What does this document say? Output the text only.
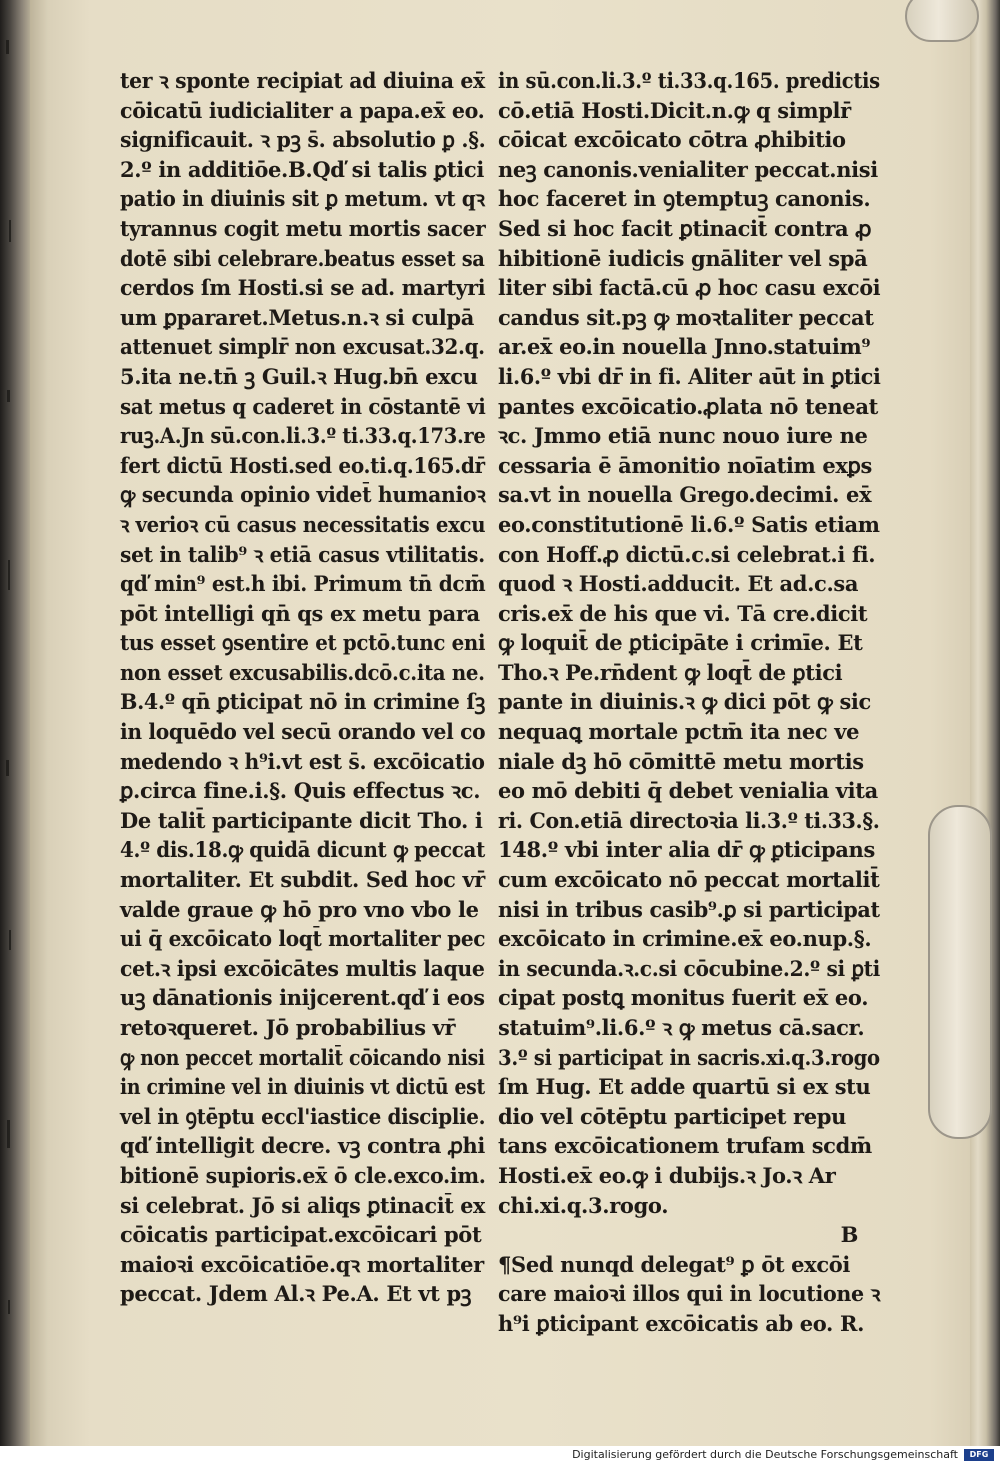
ter ꝛ sponte recipiat ad diuina ex̄
cōicatū iudicialiter a papa.ex̄ eo.
significauit. ꝛ pꝫ s̄. absolutio ꝑ .§.
2.º in additiōe.B.Qď si talis ꝑtici
patio in diuinis sit ꝑ metum. vt qꝛ
tyrannus cogit metu mortis sacer
dotē sibi celebrare.beatus esset sa
cerdos ſm Hosti.si se ad. martyri
um ꝑpararet.Metus.n.ꝛ si culpā
attenuet simplr̄ non excusat.32.q.
5.ita ne.tn̄ ꝫ Guil.ꝛ Hug.bn̄ excu
sat metus q caderet in cōstantē vi
ruꝫ.A.Jn sū.con.li.3.º ti.33.q.173.re
fert dictū Hosti.sed eo.ti.q.165.dr̄
ꝙ secunda opinio videt̄ humanioꝛ
ꝛ verioꝛ cū casus necessitatis excu
set in talib⁹ ꝛ etiā casus vtilitatis.
qď min⁹ est.h ibi. Primum tn̄ dcm̄
pōt intelligi qn̄ qs ex metu para
tus esset ꝯsentire et pctō.tunc eni
non esset excusabilis.dcō.c.ita ne.
B.4.º qn̄ ꝑticipat nō in crimine ſꝫ
in loquēdo vel secū orando vel co
medendo ꝛ h⁹i.vt est s̄. excōicatio
ꝑ.circa fine.i.§. Quis effectus ꝛc.
De talit̄ participante dicit Tho. i
4.º dis.18.ꝙ quidā dicunt ꝙ peccat
mortaliter. Et subdit. Sed hoc vr̄
valde graue ꝙ hō pro vno vbo le
ui q̄ excōicato loqt̄ mortaliter pec
cet.ꝛ ipsi excōicātes multis laque
uꝫ dānationis inijcerent.qď i eos
retoꝛqueret. Jō probabilius vr̄
ꝙ non peccet mortalit̄ cōicando nisi
in crimine vel in diuinis vt dictū est
vel in ꝯtēptu eccl'iastice disciplie.
qď intelligit decre. vꝫ contra ꝓhi
bitionē supioris.ex̄ ō cle.exco.im.
si celebrat. Jō si aliqs ꝑtinacit̄ ex
cōicatis participat.excōicari pōt
maioꝛi excōicatiōe.qꝛ mortaliter
peccat. Jdem Al.ꝛ Pe.A. Et vt pꝫ
in sū.con.li.3.º ti.33.q.165. predictis
cō.etiā Hosti.Dicit.n.ꝙ q simplr̄
cōicat excōicato cōtra ꝓhibitio
neꝫ canonis.venialiter peccat.nisi
hoc faceret in ꝯtemptuꝫ canonis.
Sed si hoc facit ꝑtinacit̄ contra ꝓ
hibitionē iudicis gnāliter vel spā
liter sibi factā.cū ꝓ hoc casu excōi
candus sit.pꝫ ꝙ moꝛtaliter peccat
ar.ex̄ eo.in nouella Jnno.statuim⁹
li.6.º vbi dr̄ in fi. Aliter aūt in ꝑtici
pantes excōicatio.ꝓlata nō teneat
ꝛc. Jmmo etiā nunc nouo iure ne
cessaria ē āmonitio noīatim exꝑs
sa.vt in nouella Grego.decimi. ex̄
eo.constitutionē li.6.º Satis etiam
con Hoff.ꝓ dictū.c.si celebrat.i fi.
quod ꝛ Hosti.adducit. Et ad.c.sa
cris.ex̄ de his que vi. Tā cre.dicit
ꝙ loquit̄ de ꝑticipāte i crimīe. Et
Tho.ꝛ Pe.rn̄dent ꝙ loqt̄ de ꝑtici
pante in diuinis.ꝛ ꝙ dici pōt ꝙ sic
nequaꝗ mortale pctm̄ ita nec ve
niale dꝫ hō cōmittē metu mortis
eo mō debiti q̄ debet venialia vita
ri. Con.etiā directoꝛia li.3.º ti.33.§.
148.º vbi inter alia dr̄ ꝙ ꝑticipans
cum excōicato nō peccat mortalit̄
nisi in tribus casib⁹.ꝑ si participat
excōicato in crimine.ex̄ eo.nup.§.
in secunda.ꝛ.c.si cōcubine.2.º si ꝑti
cipat postꝗ monitus fuerit ex̄ eo.
statuim⁹.li.6.º ꝛ ꝙ metus cā.sacr.
3.º si participat in sacris.xi.q.3.rogo
ſm Hug. Et adde quartū si ex stu
dio vel cōtēptu participet repu
tans excōicationem trufam scdm̄
Hosti.ex̄ eo.ꝙ i dubijs.ꝛ Jo.ꝛ Ar
chi.xi.q.3.rogo.
B
¶Sed nunqd delegat⁹ ꝑ ōt excōi
care maioꝛi illos qui in locutione ꝛ
h⁹i ꝑticipant excōicatis ab eo. R.
Digitalisierung gefördert durch die Deutsche Forschungsgemeinschaft	DFG
